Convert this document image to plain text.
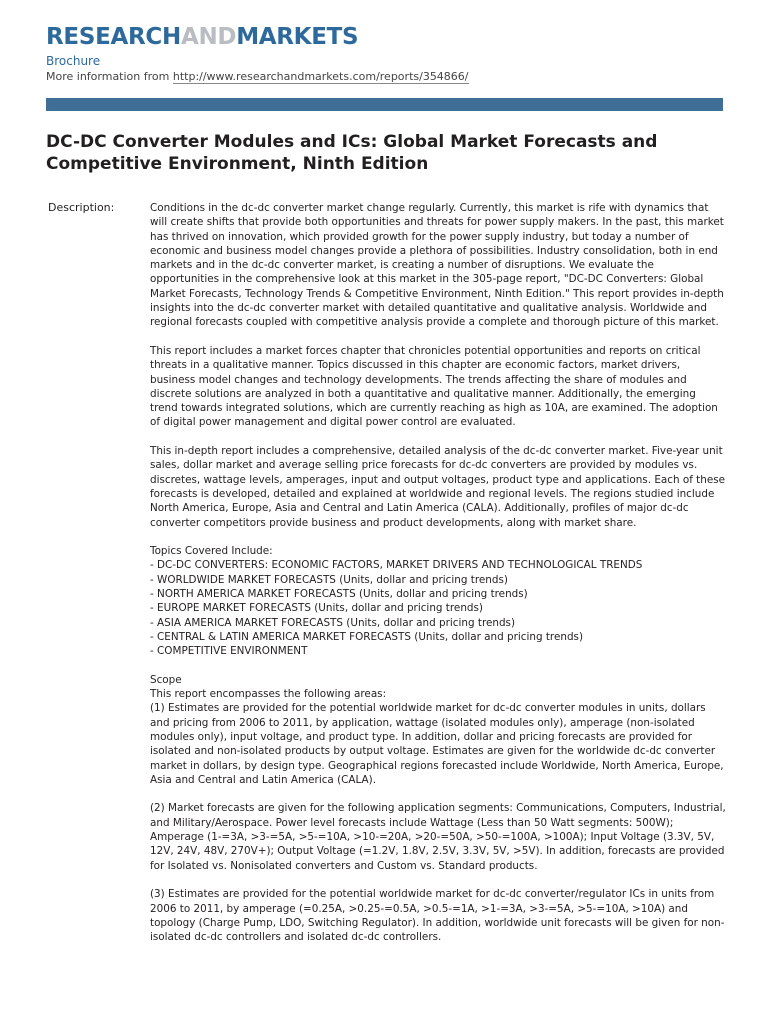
RESEARCHANDMARKETS
Brochure
More information from http://www.researchandmarkets.com/reports/354866/
DC-DC Converter Modules and ICs: Global Market Forecasts and Competitive Environment, Ninth Edition
Description:	Conditions in the dc-dc converter market change regularly. Currently, this market is rife with dynamics that will create shifts that provide both opportunities and threats for power supply makers. In the past, this market has thrived on innovation, which provided growth for the power supply industry, but today a number of economic and business model changes provide a plethora of possibilities. Industry consolidation, both in end markets and in the dc-dc converter market, is creating a number of disruptions. We evaluate the opportunities in the comprehensive look at this market in the 305-page report, "DC-DC Converters: Global Market Forecasts, Technology Trends & Competitive Environment, Ninth Edition." This report provides in-depth insights into the dc-dc converter market with detailed quantitative and qualitative analysis. Worldwide and regional forecasts coupled with competitive analysis provide a complete and thorough picture of this market.

This report includes a market forces chapter that chronicles potential opportunities and reports on critical threats in a qualitative manner. Topics discussed in this chapter are economic factors, market drivers, business model changes and technology developments. The trends affecting the share of modules and discrete solutions are analyzed in both a quantitative and qualitative manner. Additionally, the emerging trend towards integrated solutions, which are currently reaching as high as 10A, are examined. The adoption of digital power management and digital power control are evaluated.

This in-depth report includes a comprehensive, detailed analysis of the dc-dc converter market. Five-year unit sales, dollar market and average selling price forecasts for dc-dc converters are provided by modules vs. discretes, wattage levels, amperages, input and output voltages, product type and applications. Each of these forecasts is developed, detailed and explained at worldwide and regional levels. The regions studied include North America, Europe, Asia and Central and Latin America (CALA). Additionally, profiles of major dc-dc converter competitors provide business and product developments, along with market share.

Topics Covered Include:
- DC-DC CONVERTERS: ECONOMIC FACTORS, MARKET DRIVERS AND TECHNOLOGICAL TRENDS
- WORLDWIDE MARKET FORECASTS (Units, dollar and pricing trends)
- NORTH AMERICA MARKET FORECASTS (Units, dollar and pricing trends)
- EUROPE MARKET FORECASTS (Units, dollar and pricing trends)
- ASIA AMERICA MARKET FORECASTS (Units, dollar and pricing trends)
- CENTRAL & LATIN AMERICA MARKET FORECASTS (Units, dollar and pricing trends)
- COMPETITIVE ENVIRONMENT

Scope
This report encompasses the following areas:

(1) Estimates are provided for the potential worldwide market for dc-dc converter modules in units, dollars and pricing from 2006 to 2011, by application, wattage (isolated modules only), amperage (non-isolated modules only), input voltage, and product type. In addition, dollar and pricing forecasts are provided for isolated and non-isolated products by output voltage. Estimates are given for the worldwide dc-dc converter market in dollars, by design type. Geographical regions forecasted include Worldwide, North America, Europe, Asia and Central and Latin America (CALA).

(2) Market forecasts are given for the following application segments: Communications, Computers, Industrial, and Military/Aerospace. Power level forecasts include Wattage (Less than 50 Watt segments: 500W); Amperage (1-=3A, >3-=5A, >5-=10A, >10-=20A, >20-=50A, >50-=100A, >100A); Input Voltage (3.3V, 5V, 12V, 24V, 48V, 270V+); Output Voltage (=1.2V, 1.8V, 2.5V, 3.3V, 5V, >5V). In addition, forecasts are provided for Isolated vs. Nonisolated converters and Custom vs. Standard products.

(3) Estimates are provided for the potential worldwide market for dc-dc converter/regulator ICs in units from 2006 to 2011, by amperage (=0.25A, >0.25-=0.5A, >0.5-=1A, >1-=3A, >3-=5A, >5-=10A, >10A) and topology (Charge Pump, LDO, Switching Regulator). In addition, worldwide unit forecasts will be given for non-isolated dc-dc controllers and isolated dc-dc controllers.
